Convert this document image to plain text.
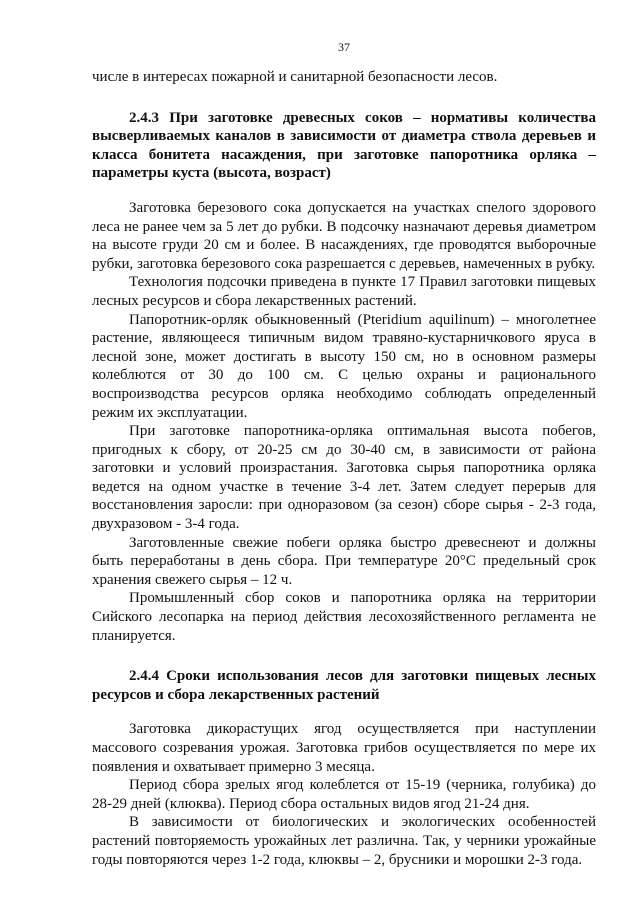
37

числе в интересах пожарной и санитарной безопасности лесов.

2.4.3 При заготовке древесных соков – нормативы количества высверливаемых каналов в зависимости от диаметра ствола деревьев и класса бонитета насаждения, при заготовке папоротника орляка – параметры куста (высота, возраст)

Заготовка березового сока допускается на участках спелого здорового леса не ранее чем за 5 лет до рубки. В подсочку назначают деревья диаметром на высоте груди 20 см и более. В насаждениях, где проводятся выборочные рубки, заготовка березового сока разрешается с деревьев, намеченных в рубку.

Технология подсочки приведена в пункте 17 Правил заготовки пищевых лесных ресурсов и сбора лекарственных растений.

Папоротник-орляк обыкновенный (Pteridium aquilinum) – многолетнее растение, являющееся типичным видом травяно-кустарничкового яруса в лесной зоне, может достигать в высоту 150 см, но в основном размеры колеблются от 30 до 100 см. С целью охраны и рационального воспроизводства ресурсов орляка необходимо соблюдать определенный режим их эксплуатации.

При заготовке папоротника-орляка оптимальная высота побегов, пригодных к сбору, от 20-25 см до 30-40 см, в зависимости от района заготовки и условий произрастания. Заготовка сырья папоротника орляка ведется на одном участке в течение 3-4 лет. Затем следует перерыв для восстановления заросли: при одноразовом (за сезон) сборе сырья - 2-3 года, двухразовом - 3-4 года.

Заготовленные свежие побеги орляка быстро древеснеют и должны быть переработаны в день сбора. При температуре 20°С предельный срок хранения свежего сырья – 12 ч.

Промышленный сбор соков и папоротника орляка на территории Сийского лесопарка на период действия лесохозяйственного регламента не планируется.

2.4.4 Сроки использования лесов для заготовки пищевых лесных ресурсов и сбора лекарственных растений

Заготовка дикорастущих ягод осуществляется при наступлении массового созревания урожая. Заготовка грибов осуществляется по мере их появления и охватывает примерно 3 месяца.

Период сбора зрелых ягод колеблется от 15-19 (черника, голубика) до 28-29 дней (клюква). Период сбора остальных видов ягод 21-24 дня.

В зависимости от биологических и экологических особенностей растений повторяемость урожайных лет различна. Так, у черники урожайные годы повторяются через 1-2 года, клюквы – 2, брусники и морошки 2-3 года.
